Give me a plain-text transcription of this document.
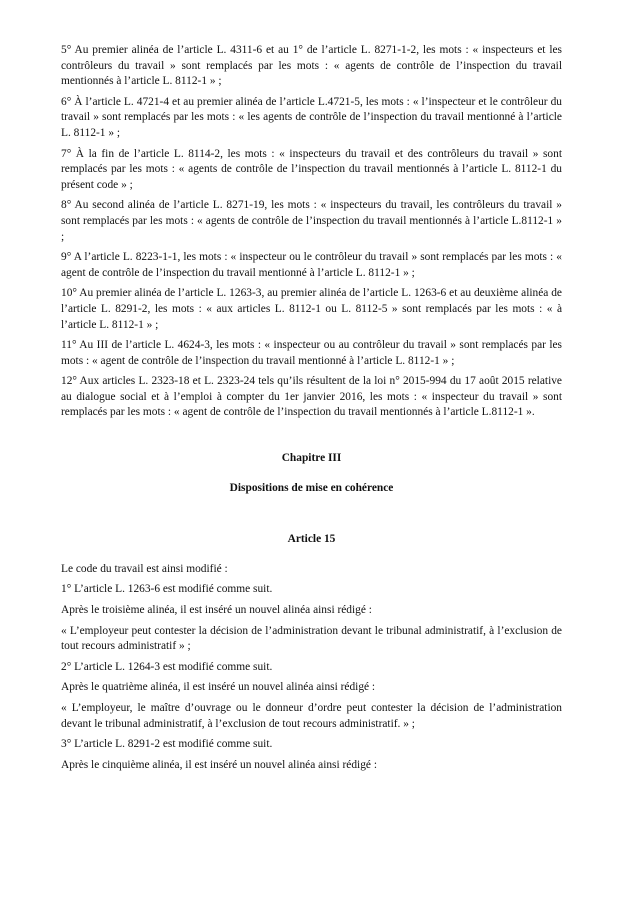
5° Au premier alinéa de l’article L. 4311-6 et au 1° de l’article L. 8271-1-2, les mots : « inspecteurs et les contrôleurs du travail » sont remplacés par les mots : « agents de contrôle de l’inspection du travail mentionnés à l’article L. 8112-1 » ;

6° À l’article L. 4721-4 et au premier alinéa de l’article L.4721-5, les mots : « l’inspecteur et le contrôleur du travail » sont remplacés par les mots : « les agents de contrôle de l’inspection du travail mentionné à l’article L. 8112-1 » ;

7° À la fin de l’article L. 8114-2, les mots : « inspecteurs du travail et des contrôleurs du travail » sont remplacés par les mots : « agents de contrôle de l’inspection du travail mentionnés à l’article L. 8112-1 du présent code » ;

8° Au second alinéa de l’article L. 8271-19, les mots : « inspecteurs du travail, les contrôleurs du travail » sont remplacés par les mots : « agents de contrôle de l’inspection du travail mentionnés à l’article L.8112-1 » ;

9° A l’article L. 8223-1-1, les mots : « inspecteur ou le contrôleur du travail » sont remplacés par les mots : « agent de contrôle de l’inspection du travail mentionné à l’article L. 8112-1 » ;

10° Au premier alinéa de l’article L. 1263-3, au premier alinéa de l’article L. 1263-6 et au deuxième alinéa de l’article L. 8291-2, les mots : « aux articles L. 8112-1 ou L. 8112-5 » sont remplacés par les mots : « à l’article L. 8112-1 » ;

11° Au III de l’article L. 4624-3, les mots : « inspecteur ou au contrôleur du travail » sont remplacés par les mots : « agent de contrôle de l’inspection du travail mentionné à l’article L. 8112-1 » ;

12° Aux articles L. 2323-18 et L. 2323-24 tels qu’ils résultent de la loi n° 2015-994 du 17 août 2015 relative au dialogue social et à l’emploi à compter du 1er janvier 2016, les mots : « inspecteur du travail » sont remplacés par les mots : « agent de contrôle de l’inspection du travail mentionnés à l’article L.8112-1 ».

Chapitre III
Dispositions de mise en cohérence
Article 15

Le code du travail est ainsi modifié :

1° L’article L. 1263-6 est modifié comme suit.

Après le troisième alinéa, il est inséré un nouvel alinéa ainsi rédigé :

« L’employeur peut contester la décision de l’administration devant le tribunal administratif, à l’exclusion de tout recours administratif » ;

2° L’article L. 1264-3 est modifié comme suit.

Après le quatrième alinéa, il est inséré un nouvel alinéa ainsi rédigé :

« L’employeur, le maître d’ouvrage ou le donneur d’ordre peut contester la décision de l’administration devant le tribunal administratif, à l’exclusion de tout recours administratif. » ;

3° L’article L. 8291-2 est modifié comme suit.

Après le cinquième alinéa, il est inséré un nouvel alinéa ainsi rédigé :
